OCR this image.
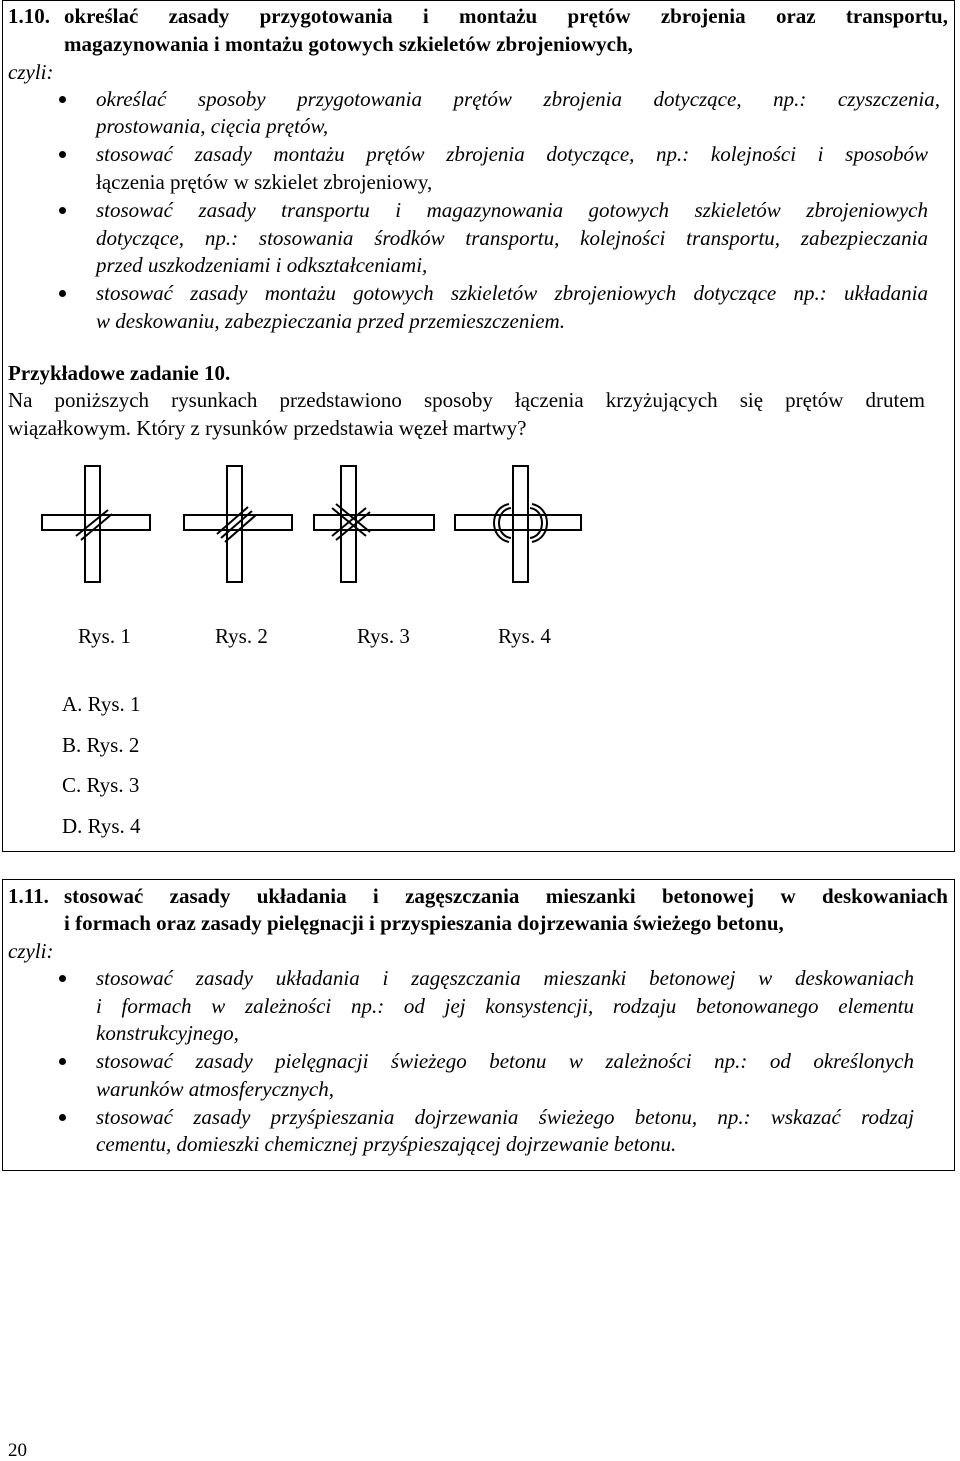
1.10. określać zasady przygotowania i montażu prętów zbrojenia oraz transportu,
magazynowania i montażu gotowych szkieletów zbrojeniowych,
czyli:
określać sposoby przygotowania prętów zbrojenia dotyczące, np.: czyszczenia,
prostowania, cięcia prętów,
stosować zasady montażu prętów zbrojenia dotyczące, np.: kolejności i sposobów
łączenia prętów w szkielet zbrojeniowy,
stosować zasady transportu i magazynowania gotowych szkieletów zbrojeniowych
dotyczące, np.: stosowania środków transportu, kolejności transportu, zabezpieczania
przed uszkodzeniami i odkształceniami,
stosować zasady montażu gotowych szkieletów zbrojeniowych dotyczące np.: układania
w deskowaniu, zabezpieczania przed przemieszczeniem.
Przykładowe zadanie 10.
Na poniższych rysunkach przedstawiono sposoby łączenia krzyżujących się prętów drutem
wiązałkowym. Który z rysunków przedstawia węzeł martwy?
Rys. 1	Rys. 2	Rys. 3	Rys. 4
A. Rys. 1
B. Rys. 2
C. Rys. 3
D. Rys. 4
1.11. stosować zasady układania i zagęszczania mieszanki betonowej w deskowaniach
i formach oraz zasady pielęgnacji i przyspieszania dojrzewania świeżego betonu,
czyli:
stosować zasady układania i zagęszczania mieszanki betonowej w deskowaniach
i formach w zależności np.: od jej konsystencji, rodzaju betonowanego elementu
konstrukcyjnego,
stosować zasady pielęgnacji świeżego betonu w zależności np.: od określonych
warunków atmosferycznych,
stosować zasady przyśpieszania dojrzewania świeżego betonu, np.: wskazać rodzaj
cementu, domieszki chemicznej przyśpieszającej dojrzewanie betonu.
20
